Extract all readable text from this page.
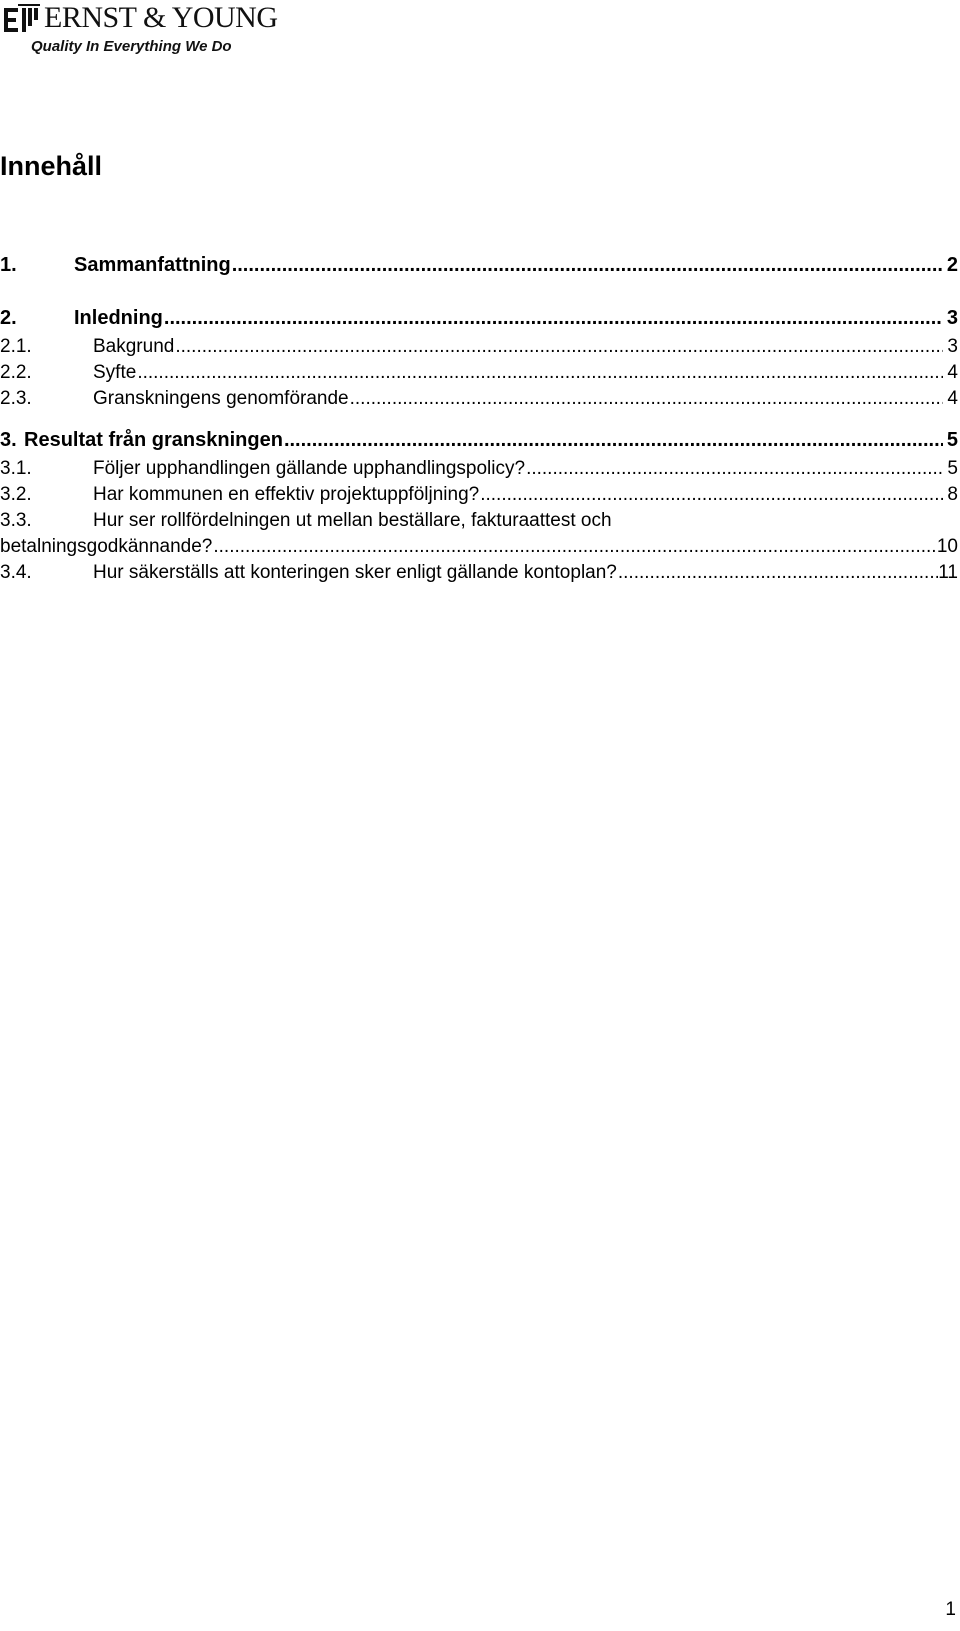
ERNST & YOUNG
Quality In Everything We Do
Innehåll
1.	Sammanfattning .....	2
2.	Inledning .....	3
2.1.	Bakgrund .....	3
2.2.	Syfte .....	4
2.3.	Granskningens genomförande .....	4
3. Resultat från granskningen .....	5
3.1.	Följer upphandlingen gällande upphandlingspolicy? .....	5
3.2.	Har kommunen en effektiv projektuppföljning? .....	8
3.3.	Hur ser rollfördelningen ut mellan beställare, fakturaattest och
betalningsgodkännande? .....	10
3.4.	Hur säkerställs att konteringen sker enligt gällande kontoplan? .....	11
1
